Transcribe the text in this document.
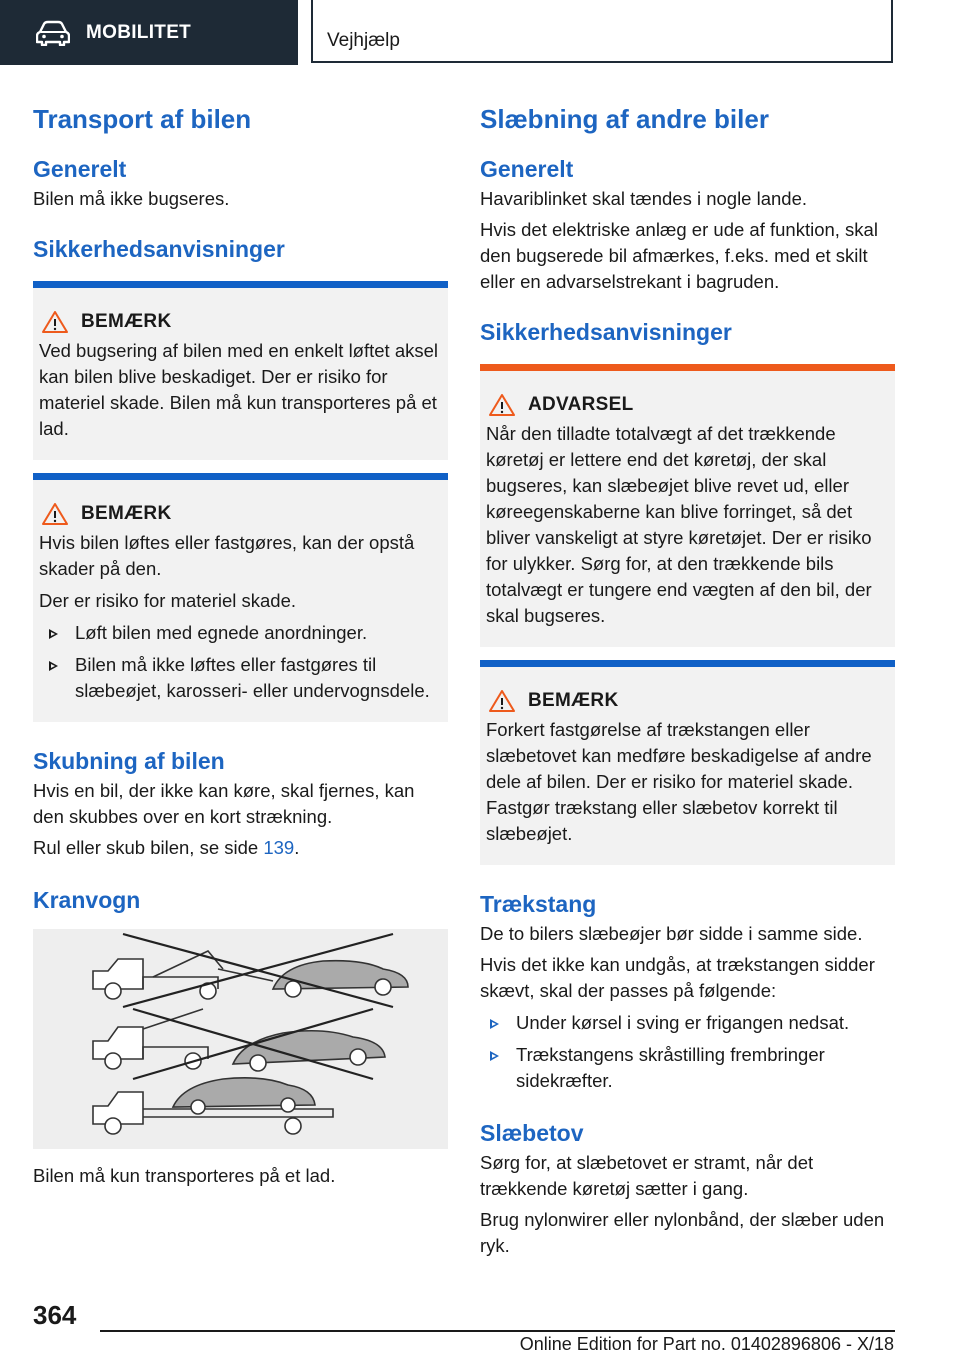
MOBILITET	Vejhjælp
Transport af bilen
Generelt

Bilen må ikke bugseres.

Sikkerhedsanvisninger
BEMÆRK

Ved bugsering af bilen med en enkelt løftet aksel kan bilen blive beskadiget. Der er risiko for materiel skade. Bilen må kun transporteres på et lad.

BEMÆRK

Hvis bilen løftes eller fastgøres, kan der opstå skader på den.

Der er risiko for materiel skade.

Løft bilen med egnede anordninger.
Bilen må ikke løftes eller fastgøres til slæbeøjet, karosseri- eller undervognsdele.
Skubning af bilen

Hvis en bil, der ikke kan køre, skal fjernes, kan den skubbes over en kort strækning.

Rul eller skub bilen, se side 139.

Kranvogn

Bilen må kun transporteres på et lad.

Slæbning af andre biler
Generelt

Havariblinket skal tændes i nogle lande.

Hvis det elektriske anlæg er ude af funktion, skal den bugserede bil afmærkes, f.eks. med et skilt eller en advarselstrekant i bagruden.

Sikkerhedsanvisninger
ADVARSEL

Når den tilladte totalvægt af det trækkende køretøj er lettere end det køretøj, der skal bugseres, kan slæbeøjet blive revet ud, eller køreegenskaberne kan blive forringet, så det bliver vanskeligt at styre køretøjet. Der er risiko for ulykker. Sørg for, at den trækkende bils totalvægt er tungere end vægten af den bil, der skal bugseres.

BEMÆRK

Forkert fastgørelse af trækstangen eller slæbetovet kan medføre beskadigelse af andre dele af bilen. Der er risiko for materiel skade. Fastgør trækstang eller slæbetov korrekt til slæbeøjet.

Trækstang

De to bilers slæbeøjer bør sidde i samme side.

Hvis det ikke kan undgås, at trækstangen sidder skævt, skal der passes på følgende:

Under kørsel i sving er frigangen nedsat.
Trækstangens skråstilling frembringer sidekræfter.
Slæbetov

Sørg for, at slæbetovet er stramt, når det trækkende køretøj sætter i gang.

Brug nylonwirer eller nylonbånd, der slæber uden ryk.

364
Online Edition for Part no. 01402896806 - X/18
